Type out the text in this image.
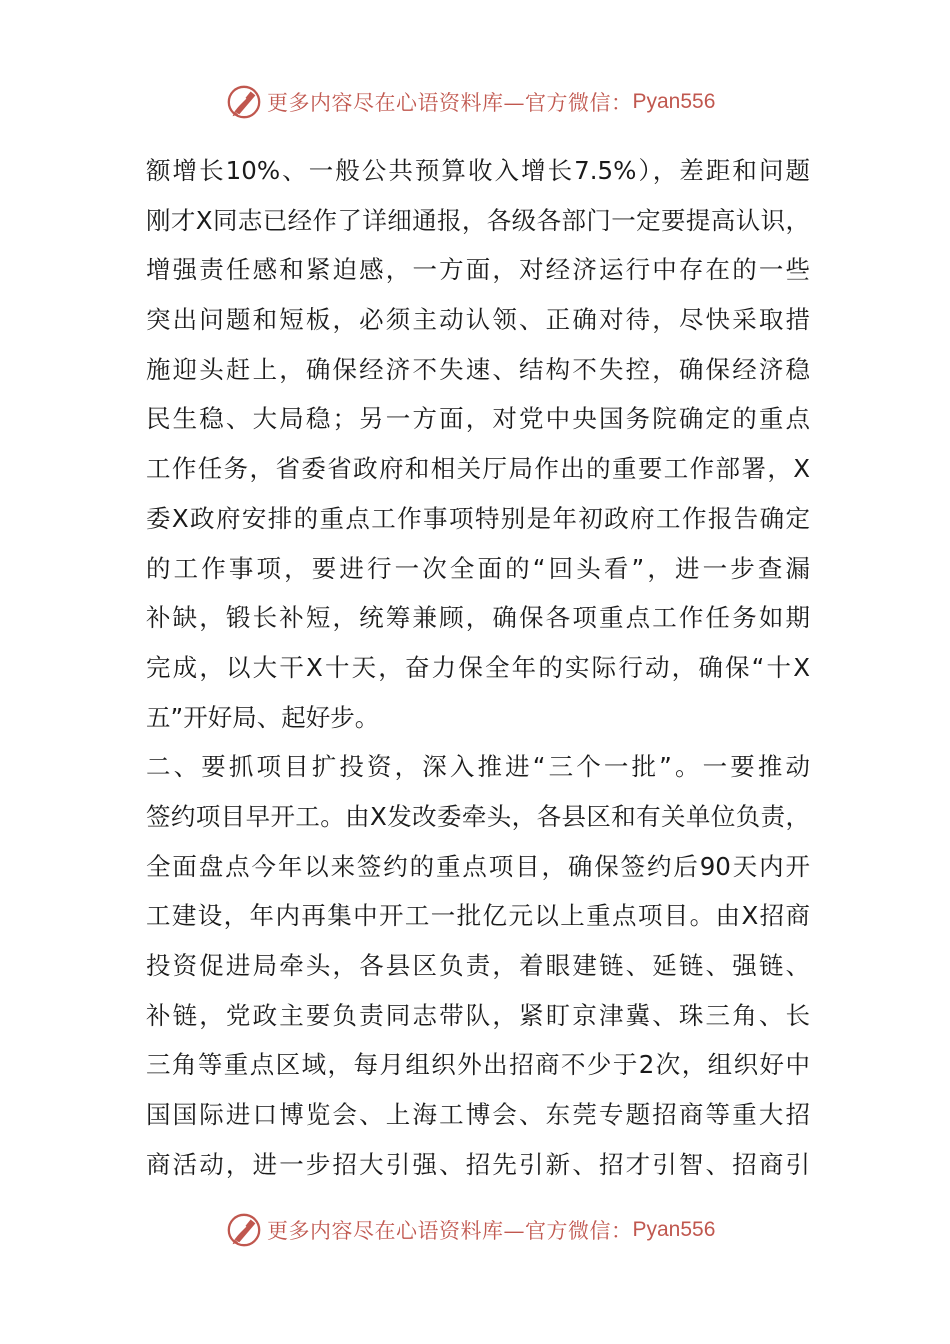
更多内容尽在心语资料库—官方微信： Pyan556
额增长10%、一般公共预算收入增长7.5%），差距和问题
刚才X同志已经作了详细通报，各级各部门一定要提高认识，
增强责任感和紧迫感，一方面，对经济运行中存在的一些
突出问题和短板，必须主动认领、正确对待，尽快采取措
施迎头赶上，确保经济不失速、结构不失控，确保经济稳
民生稳、大局稳；另一方面，对党中央国务院确定的重点
工作任务，省委省政府和相关厅局作出的重要工作部署，X
委X政府安排的重点工作事项特别是年初政府工作报告确定
的工作事项，要进行一次全面的“回头看”，进一步查漏
补缺，锻长补短，统筹兼顾，确保各项重点工作任务如期
完成，以大干X十天，奋力保全年的实际行动，确保“十X
五”开好局、起好步。
二、要抓项目扩投资，深入推进“三个一批”。一要推动
签约项目早开工。由X发改委牵头，各县区和有关单位负责，
全面盘点今年以来签约的重点项目，确保签约后90天内开
工建设，年内再集中开工一批亿元以上重点项目。由X招商
投资促进局牵头，各县区负责，着眼建链、延链、强链、
补链，党政主要负责同志带队，紧盯京津冀、珠三角、长
三角等重点区域，每月组织外出招商不少于2次，组织好中
国国际进口博览会、上海工博会、东莞专题招商等重大招
商活动，进一步招大引强、招先引新、招才引智、招商引
更多内容尽在心语资料库—官方微信： Pyan556
